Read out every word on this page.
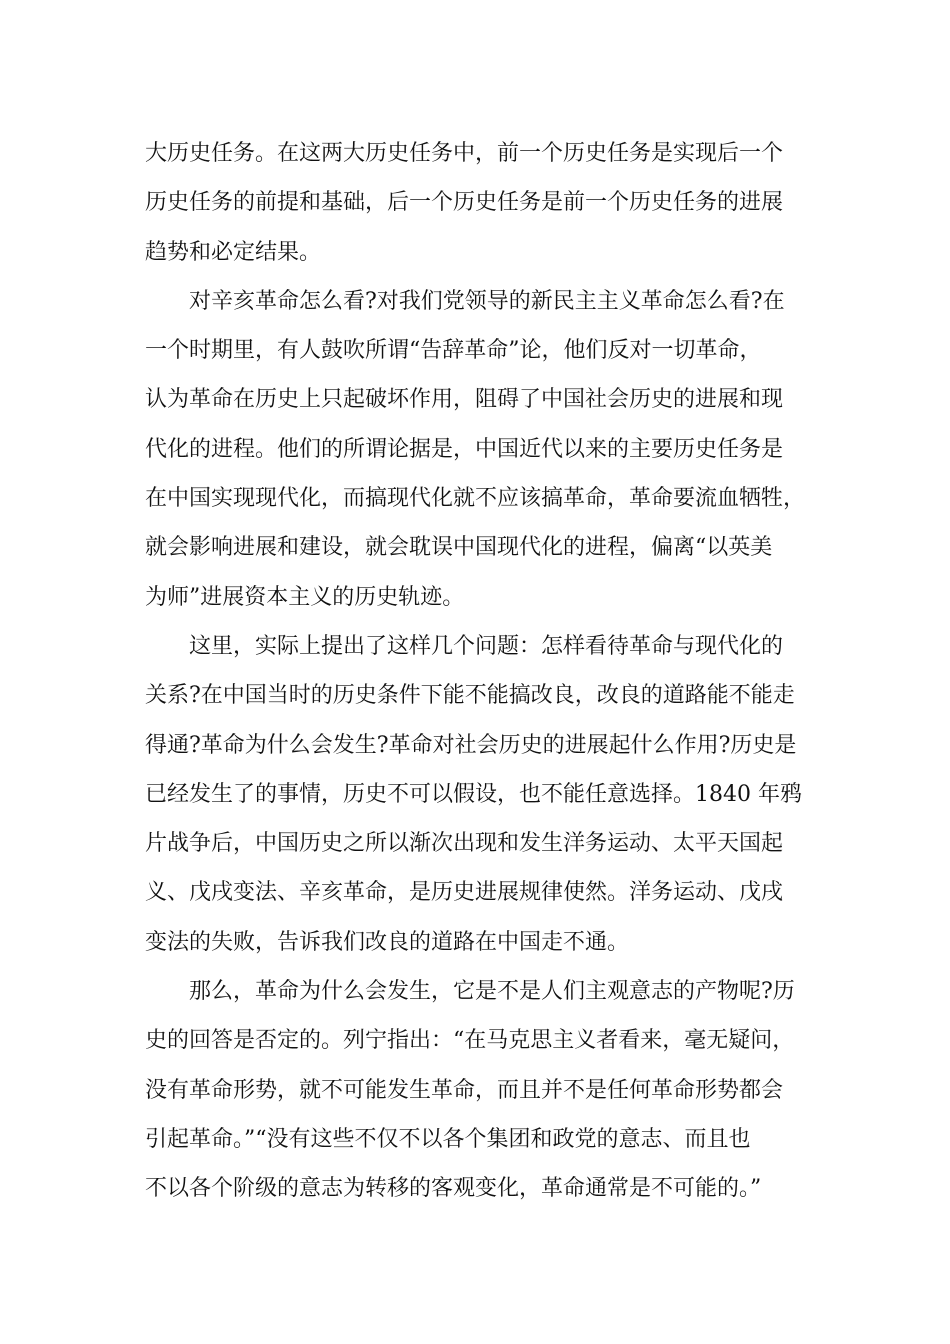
大历史任务。在这两大历史任务中，前一个历史任务是实现后一个
历史任务的前提和基础，后一个历史任务是前一个历史任务的进展
趋势和必定结果。
对辛亥革命怎么看?对我们党领导的新民主主义革命怎么看?在
一个时期里，有人鼓吹所谓“告辞革命”论，他们反对一切革命，
认为革命在历史上只起破坏作用，阻碍了中国社会历史的进展和现
代化的进程。他们的所谓论据是，中国近代以来的主要历史任务是
在中国实现现代化，而搞现代化就不应该搞革命，革命要流血牺牲，
就会影响进展和建设，就会耽误中国现代化的进程，偏离“以英美
为师”进展资本主义的历史轨迹。
这里，实际上提出了这样几个问题：怎样看待革命与现代化的
关系?在中国当时的历史条件下能不能搞改良，改良的道路能不能走
得通?革命为什么会发生?革命对社会历史的进展起什么作用?历史是
已经发生了的事情，历史不可以假设，也不能任意选择。1840 年鸦
片战争后，中国历史之所以渐次出现和发生洋务运动、太平天国起
义、戊戌变法、辛亥革命，是历史进展规律使然。洋务运动、戊戌
变法的失败，告诉我们改良的道路在中国走不通。
那么，革命为什么会发生，它是不是人们主观意志的产物呢?历
史的回答是否定的。列宁指出：“在马克思主义者看来，毫无疑问，
没有革命形势，就不可能发生革命，而且并不是任何革命形势都会
引起革命。”“没有这些不仅不以各个集团和政党的意志、而且也
不以各个阶级的意志为转移的客观变化，革命通常是不可能的。”
